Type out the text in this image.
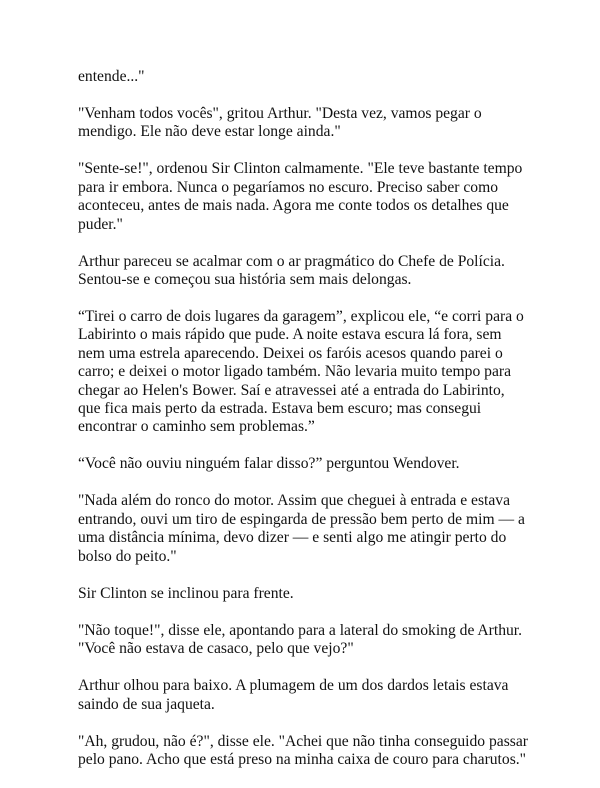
entende..."

"Venham todos vocês", gritou Arthur. "Desta vez, vamos pegar o mendigo. Ele não deve estar longe ainda."

"Sente-se!", ordenou Sir Clinton calmamente. "Ele teve bastante tempo para ir embora. Nunca o pegaríamos no escuro. Preciso saber como aconteceu, antes de mais nada. Agora me conte todos os detalhes que puder."

Arthur pareceu se acalmar com o ar pragmático do Chefe de Polícia. Sentou-se e começou sua história sem mais delongas.

“Tirei o carro de dois lugares da garagem”, explicou ele, “e corri para o Labirinto o mais rápido que pude. A noite estava escura lá fora, sem nem uma estrela aparecendo. Deixei os faróis acesos quando parei o carro; e deixei o motor ligado também. Não levaria muito tempo para chegar ao Helen's Bower. Saí e atravessei até a entrada do Labirinto, que fica mais perto da estrada. Estava bem escuro; mas consegui encontrar o caminho sem problemas.”

“Você não ouviu ninguém falar disso?” perguntou Wendover.

"Nada além do ronco do motor. Assim que cheguei à entrada e estava entrando, ouvi um tiro de espingarda de pressão bem perto de mim — a uma distância mínima, devo dizer — e senti algo me atingir perto do bolso do peito."

Sir Clinton se inclinou para frente.

"Não toque!", disse ele, apontando para a lateral do smoking de Arthur. "Você não estava de casaco, pelo que vejo?"

Arthur olhou para baixo. A plumagem de um dos dardos letais estava saindo de sua jaqueta.

"Ah, grudou, não é?", disse ele. "Achei que não tinha conseguido passar pelo pano. Acho que está preso na minha caixa de couro para charutos."
